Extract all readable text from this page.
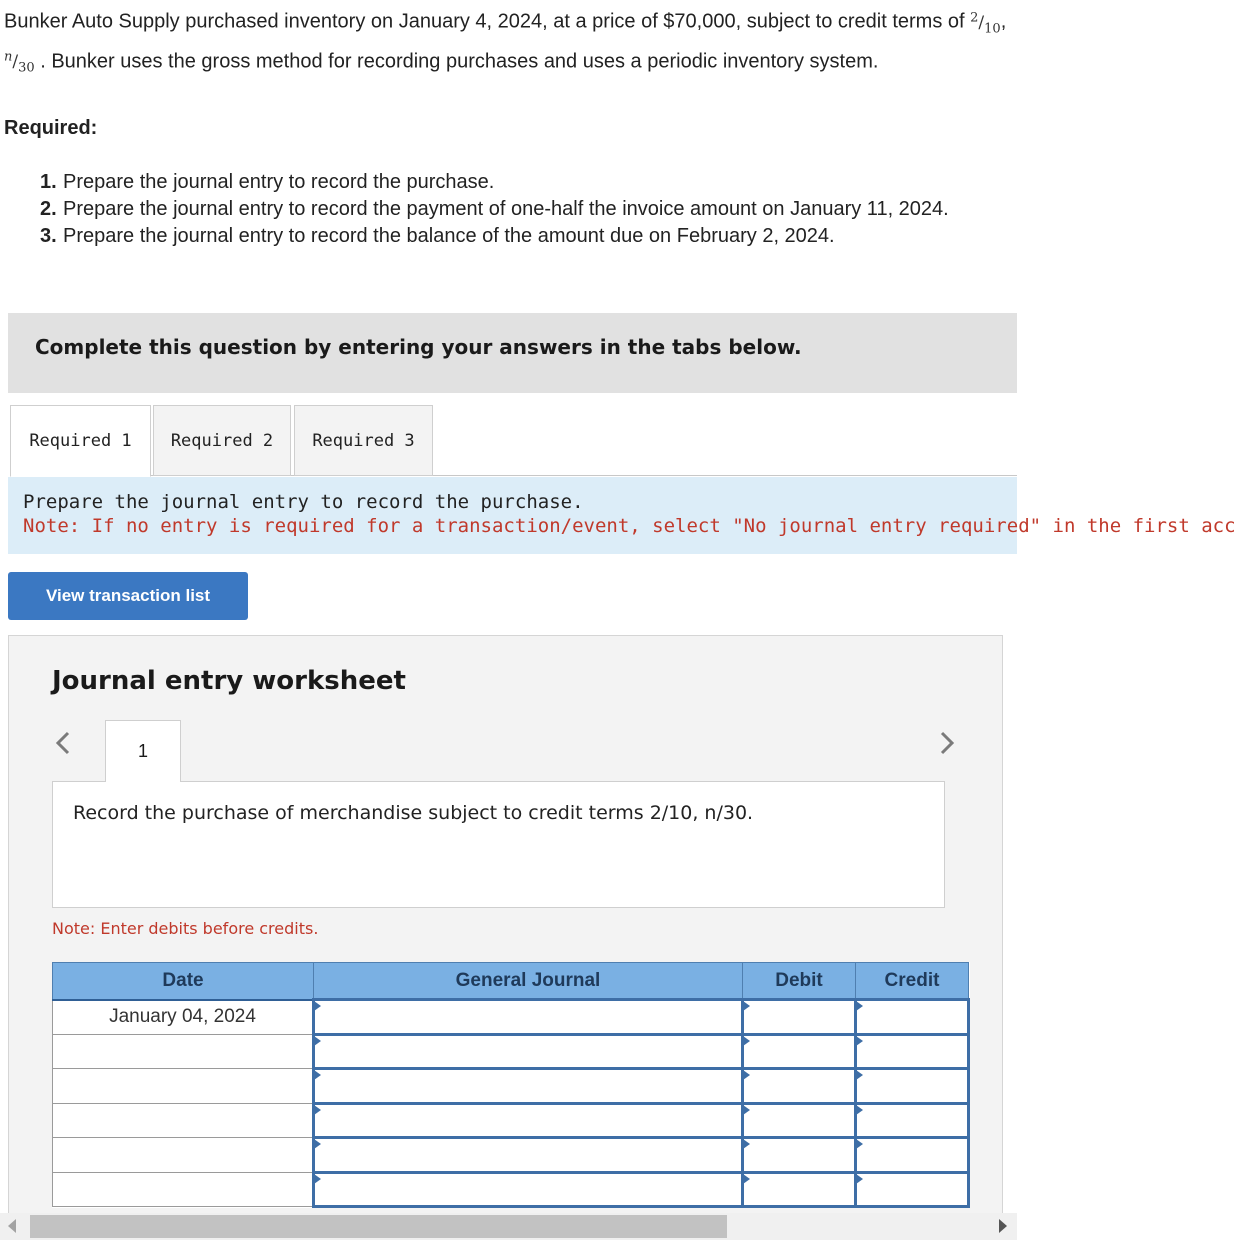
Bunker Auto Supply purchased inventory on January 4, 2024, at a price of $70,000, subject to credit terms of $^2/_{10}$, $^n/_{30}$ . Bunker uses the gross method for recording purchases and uses a periodic inventory system.
Required:
1. Prepare the journal entry to record the purchase.
2. Prepare the journal entry to record the payment of one-half the invoice amount on January 11, 2024.
3. Prepare the journal entry to record the balance of the amount due on February 2, 2024.
Complete this question by entering your answers in the tabs below.
Required 1	Required 2	Required 3
Prepare the journal entry to record the purchase.
Note: If no entry is required for a transaction/event, select "No journal entry required" in the first acc
View transaction list
Journal entry worksheet
1
Record the purchase of merchandise subject to credit terms 2/10, n/30.
Note: Enter debits before credits.
Date	General Journal	Debit	Credit
January 04, 2024			
